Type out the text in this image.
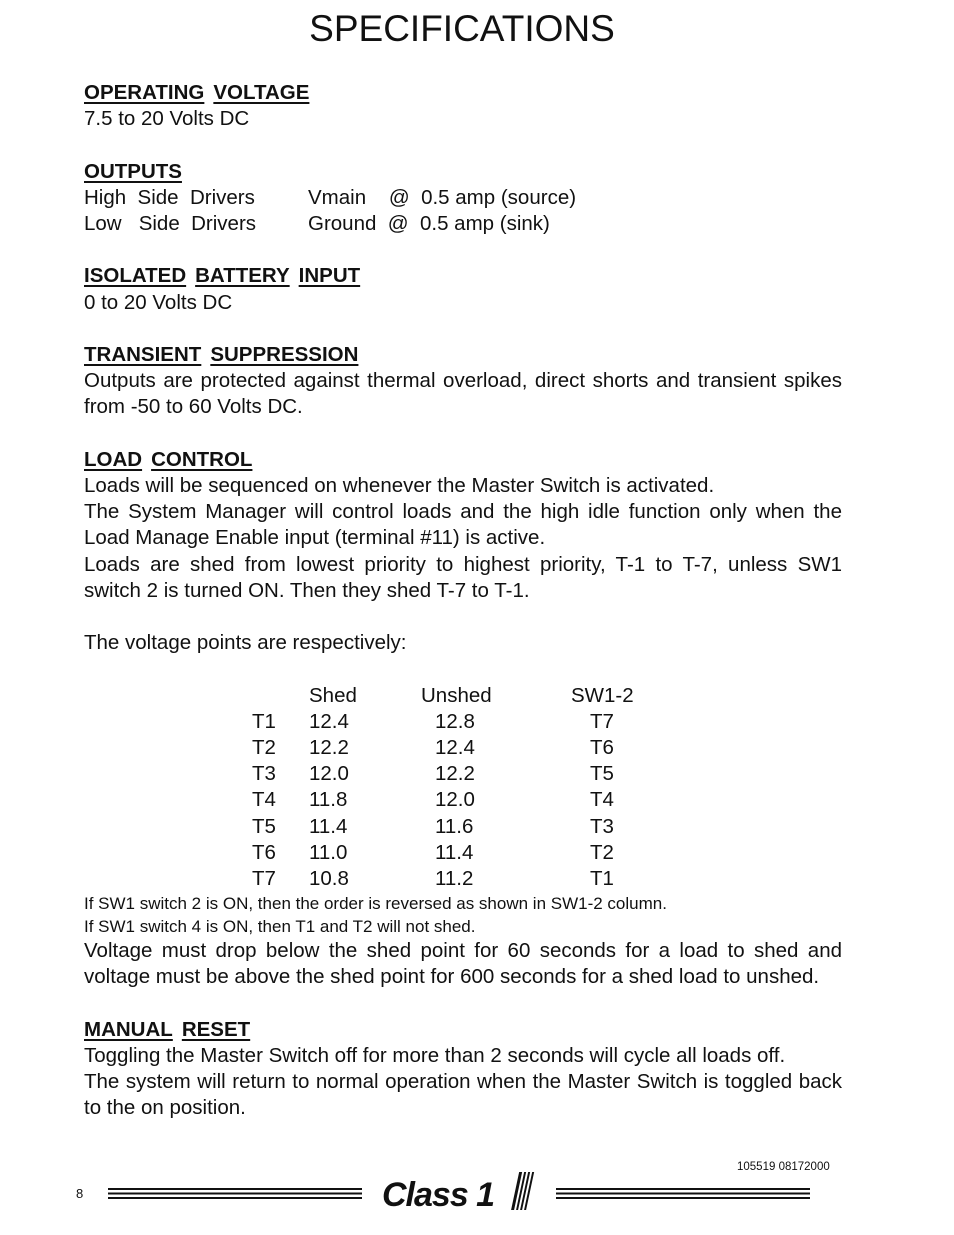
SPECIFICATIONS
OPERATING VOLTAGE
7.5 to 20 Volts DC
OUTPUTS
High  Side  Drivers	Vmain    @  0.5 amp (source)
Low   Side  Drivers	Ground  @  0.5 amp (sink)
ISOLATED BATTERY INPUT
0 to 20 Volts DC
TRANSIENT SUPPRESSION
Outputs are protected against thermal overload, direct shorts and transient spikes from -50 to 60 Volts DC.
LOAD CONTROL
Loads will be sequenced on whenever the Master Switch is activated.
The System Manager will control loads and the high idle function only when the Load Manage Enable input (terminal #11) is active.
Loads are shed from lowest priority to highest priority, T-1 to T-7, unless SW1 switch 2 is turned ON. Then they shed T-7 to T-1.
The voltage points are respectively:
Shed	Unshed	SW1-2
T1 12.4	12.8	T7
T2 12.2	12.4	T6
T3 12.0	12.2	T5
T4 11.8	12.0	T4
T5 11.4	11.6	T3
T6 11.0	11.4	T2
T7 10.8	11.2	T1
If SW1 switch 2 is ON, then the order is reversed as shown in SW1-2 column.
If SW1 switch 4 is ON, then T1 and T2 will not shed.
Voltage must drop below the shed point for 60 seconds for a load to shed and voltage must be above the shed point for 600 seconds for a shed load to unshed.
MANUAL RESET
Toggling the Master Switch off for more than 2 seconds will cycle all loads off.
The system will return to normal operation when the Master Switch is toggled back to the on position.
105519 08172000
8	Class 1
